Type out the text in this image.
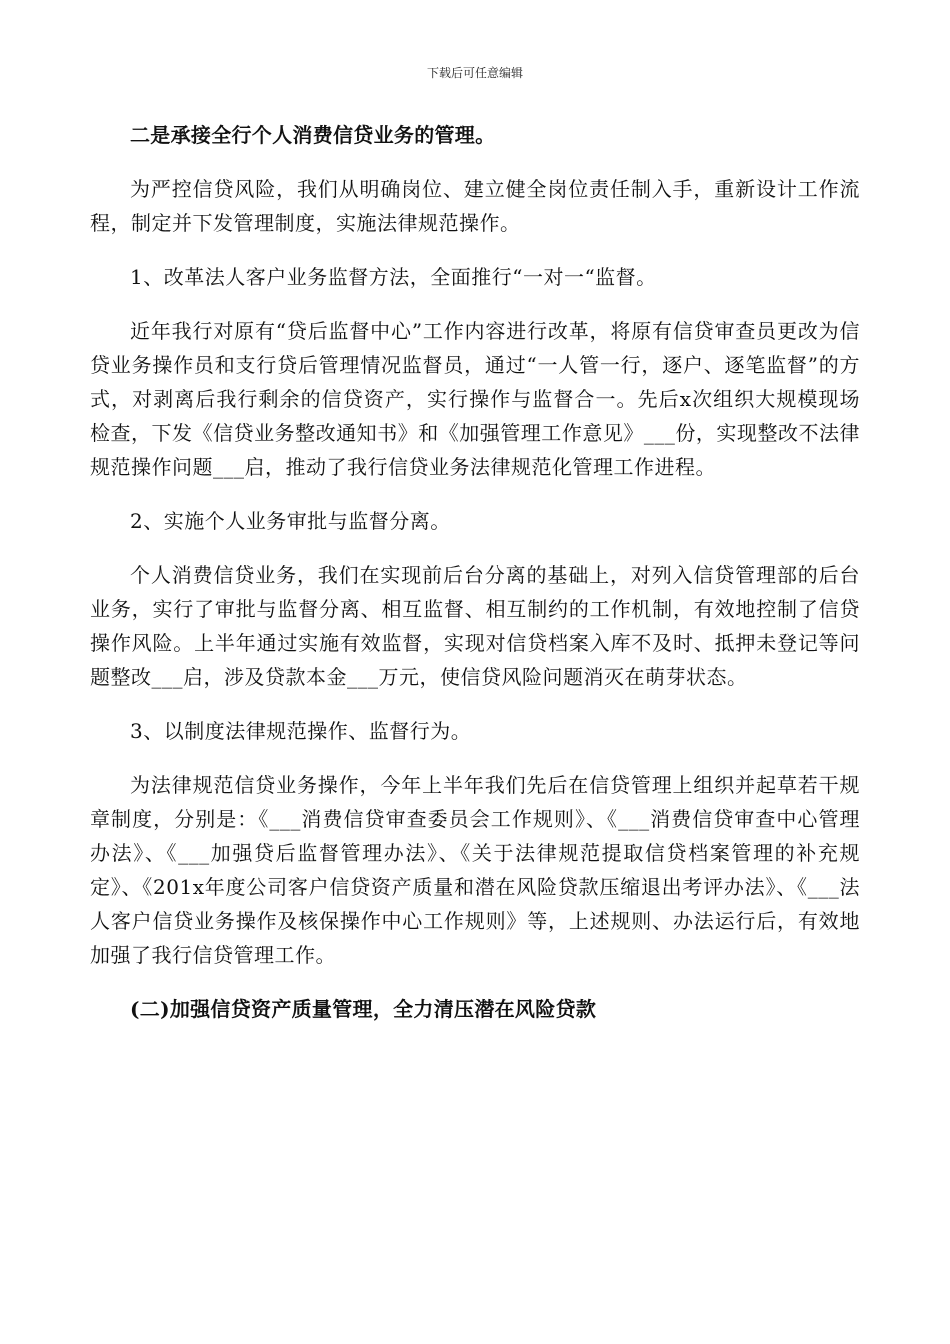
下载后可任意编辑

二是承接全行个人消费信贷业务的管理。

为严控信贷风险，我们从明确岗位、建立健全岗位责任制入手，重新设计工作流程，制定并下发管理制度，实施法律规范操作。

1、改革法人客户业务监督方法，全面推行“一对一“监督。

近年我行对原有“贷后监督中心”工作内容进行改革，将原有信贷审查员更改为信贷业务操作员和支行贷后管理情况监督员，通过“一人管一行，逐户、逐笔监督”的方式，对剥离后我行剩余的信贷资产，实行操作与监督合一。先后x次组织大规模现场检查，下发《信贷业务整改通知书》和《加强管理工作意见》___份，实现整改不法律规范操作问题___启，推动了我行信贷业务法律规范化管理工作进程。

2、实施个人业务审批与监督分离。

个人消费信贷业务，我们在实现前后台分离的基础上，对列入信贷管理部的后台业务，实行了审批与监督分离、相互监督、相互制约的工作机制，有效地控制了信贷操作风险。上半年通过实施有效监督，实现对信贷档案入库不及时、抵押未登记等问题整改___启，涉及贷款本金___万元，使信贷风险问题消灭在萌芽状态。

3、以制度法律规范操作、监督行为。

为法律规范信贷业务操作，今年上半年我们先后在信贷管理上组织并起草若干规章制度，分别是：《___消费信贷审查委员会工作规则》、《___消费信贷审查中心管理办法》、《___加强贷后监督管理办法》、《关于法律规范提取信贷档案管理的补充规定》、《201x年度公司客户信贷资产质量和潜在风险贷款压缩退出考评办法》、《___法人客户信贷业务操作及核保操作中心工作规则》等，上述规则、办法运行后，有效地加强了我行信贷管理工作。

(二)加强信贷资产质量管理，全力清压潜在风险贷款
